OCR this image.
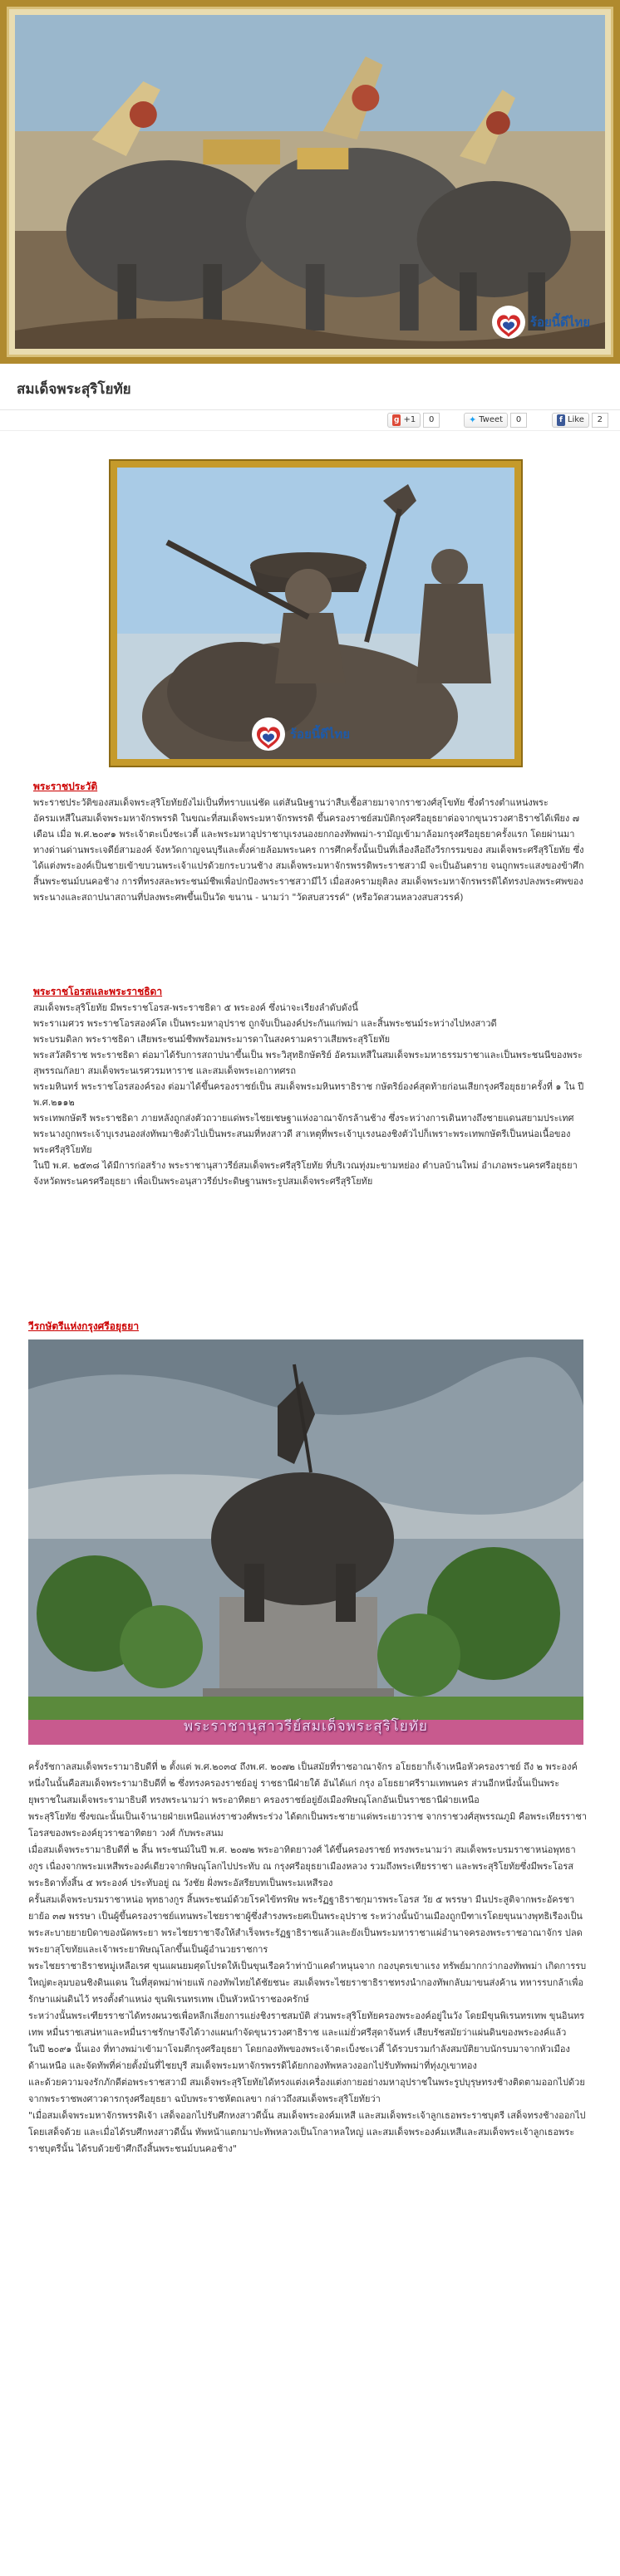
ร้อยนี้ดีไทย
สมเด็จพระสุริโยทัย
g +1	0	✦ Tweet	0	f Like	2
ร้อยนี้ดีไทย
พระราชประวัติ

พระราชประวัติของสมเด็จพระสุริโยทัยยังไม่เป็นที่ทราบแน่ชัด แต่สันนิษฐานว่าสืบเชื้อสายมาจากราชวงศ์สุโขทัย ซึ่งดำรงตำแหน่งพระอัครมเหสีในสมเด็จพระมหาจักรพรรดิ ในขณะที่สมเด็จพระมหาจักรพรรดิ ขึ้นครองราชย์สมบัติกรุงศรีอยุธยาต่อจากขุนวรวงศาธิราชได้เพียง ๗ เดือน เมื่อ พ.ศ.๒๐๙๑ พระเจ้าตะเบ็งชะเวตี้ และพระมหาอุปราชาบุเรงนองยกกองทัพพม่า-รามัญเข้ามาล้อมกรุงศรีอยุธยาครั้งแรก โดยผ่านมาทางด่านด่านพระเจดีย์สามองค์ จังหวัดกาญจนบุรีและตั้งค่ายล้อมพระนคร การศึกครั้งนั้นเป็นที่เลื่องลือถึงวีรกรรมของ สมเด็จพระศรีสุริโยทัย ซึ่งได้แต่งพระองค์เป็นชายเข้าขบวนพระเจ้าแปรด้วยกระบวนช้าง สมเด็จพระมหาจักรพรรดิพระราชสวามี จะเป็นอันตราย จนถูกพระแสงของข้าศึกสิ้นพระชนม์บนคอช้าง การที่ทรงสละพระชนม์ชีพเพื่อปกป้องพระราชสวามีไว้ เมื่อสงครามยุติลง สมเด็จพระมหาจักรพรรดิได้ทรงปลงพระศพของพระนางและสถาปนาสถานที่ปลงพระศพขึ้นเป็นวัด ขนาน - นามว่า "วัดสบสวรรค์" (หรือวัดสวนหลวงสบสวรรค์)

พระราชโอรสและพระราชธิดา

สมเด็จพระสุริโยทัย มีพระราชโอรส-พระราชธิดา ๕ พระองค์ ซึ่งน่าจะเรียงลำดับดังนี้

พระราเมศวร พระราชโอรสองค์โต เป็นพระมหาอุปราช ถูกจับเป็นองค์ประกันแก่พม่า และสิ้นพระชนม์ระหว่างไปหงสาวดี

พระบรมดิลก พระราชธิดา เสียพระชนม์ชีพพร้อมพระมารดาในสงครามคราวเสียพระสุริโยทัย

พระสวัสดิราช พระราชธิดา ต่อมาได้รับการสถาปนาขึ้นเป็น พระวิสุทธิกษัตริย์ อัครมเหสีในสมเด็จพระมหาธรรมราชาและเป็นพระชนนีของพระสุพรรณกัลยา สมเด็จพระนเรศวรมหาราช และสมเด็จพระเอกาทศรถ

พระมหินทร์ พระราชโอรสองค์รอง ต่อมาได้ขึ้นครองราชย์เป็น สมเด็จพระมหินทราธิราช กษัตริย์องค์สุดท้ายก่อนเสียกรุงศรีอยุธยาครั้งที่ ๑ ใน ปี พ.ศ.๒๑๑๒

พระเทพกษัตรี พระราชธิดา ภายหลังถูกส่งตัวถวายแด่พระไชยเชษฐาแห่งอาณาจักรล้านช้าง ซึ่งระหว่างการเดินทางถึงชายแดนสยามประเทศพระนางถูกพระเจ้าบุเรงนองส่งทัพมาชิงตัวไปเป็นพระสนมที่หงสาวดี สาเหตุที่พระเจ้าบุเรงนองชิงตัวไปก็เพราะพระเทพกษัตรีเป็นหน่อเนื้อของพระศรีสุริโยทัย

ในปี พ.ศ. ๒๕๓๘ ได้มีการก่อสร้าง พระราชานุสาวรีย์สมเด็จพระศรีสุริโยทัย ที่บริเวณทุ่งมะขามหย่อง ตำบลบ้านใหม่ อำเภอพระนครศรีอยุธยา จังหวัดพระนครศรีอยุธยา เพื่อเป็นพระอนุสาวรีย์ประดิษฐานพระรูปสมเด็จพระศรีสุริโยทัย

วีรกษัตรีแห่งกรุงศรีอยุธยา
พระราชานุสาวรีย์สมเด็จพระสุริโยทัย

ครั้งรัชกาลสมเด็จพระรามาธิบดีที่ ๒ ตั้งแต่ พ.ศ.๒๐๓๔ ถึงพ.ศ. ๒๐๗๒ เป็นสมัยที่ราชอาณาจักร อโยธยาก็เจ้าเหนือหัวครองราชย์ ถึง ๒ พระองค์ หนึ่งในนั้นคือสมเด็จพระรามาธิบดีที่ ๒ ซึ่งทรงครองราชย์อยู่ ราชธานีฝ่ายใต้ อันได้แก่ กรุง อโยธยาศรีรามเทพนคร ส่วนอีกหนึ่งนั้นเป็นพระยุพราชในสมเด็จพระรามาธิบดี ทรงพระนามว่า พระอาทิตยา ครองราชย์อยู่ยังเมืองพิษณุโลกอันเป็นราชธานีฝ่ายเหนือ

พระสุริโยทัย ซึ่งขณะนั้นเป็นเจ้านายฝ่ายเหนือแห่งราชวงศ์พระร่วง ได้ตกเป็นพระชายาแด่พระเยาวราช จากราชวงศ์สุพรรณภูมิ คือพระเทียรราชา โอรสของพระองค์ยุวราชอาทิตยา วงศ์ กับพระสนม

เมื่อสมเด็จพระรามาธิบดีที่ ๒ สิ้น พระชนม์ในปี พ.ศ. ๒๐๗๒ พระอาทิตยาวงศ์ ได้ขึ้นครองราชย์ ทรงพระนามว่า สมเด็จพระบรมราชาหน่อพุทธางกูร เนื่องจากพระมเหสีพระองค์เดียวจากพิษณุโลกไปประทับ ณ กรุงศรีอยุธยาเมืองหลวง รวมถึงพระเทียรราชา และพระสุริโยทัยซึ่งมีพระโอรส พระธิดาทั้งสิ้น ๕ พระองค์ ประทับอยู่ ณ วังชัย ฝั่งพระอัสรียบทเป็นพระมเหสีรอง

ครั้นสมเด็จพระบรมราชาหน่อ พุทธางกูร สิ้นพระชนม์ด้วยโรคไข้ทรพิษ พระรัฏฐาธิราชกุมารพระโอรส วัย ๕ พรรษา มีนประสูติจากพระอัครชายาย้อ ๓๗ พรรษา เป็นผู้ขึ้นครองราชย์แทนพระไชยราชาผู้ซึ่งสำรงพระยศเป็นพระอุปราช ระหว่างนั้นบ้านเมืองถูกบีฑาเรโดยขุนนางพุทธิเรืองเป็นพระสะบายยายบิดาของนัดพระยา พระไชยราชาจึงให้สำเร็จพระรัฏฐาธิราชแล้วและยังเป็นพระมหาราชาแผ่อำนาจครองพระราชอาณาจักร ปลดพระยาสุโขทัยและเจ้าพระยาพิษณุโลกขึ้นเป็นผู้อำนวยราชการ

พระไชยราชาธิราชหมู่เหลือเรศ ขุนแผนยมศุดโปรดให้เป็นขุนเรือคว้าท่าบ้าแคดำหนุนจาก กองบุตรเขาแรง ทรัพย์มากกว่ากองทัพพม่า เกิดการรบใหญ่ตะลุมบอนชิงดินแดน ในที่สุดพม่าพ่ายแพ้ กองทัพไทยได้ชัยชนะ สมเด็จพระไชยราชาธิราชทรงนำกองทัพกลับมาขนส่งค้าน ทหารรบกล้าเพื่อรักษาแผ่นดินไว้ ทรงตั้งตำแหน่ง ขุนพิเรนทรเทพ เป็นหัวหน้าราชองครักษ์

ระหว่างนั้นพระเฑียรราชาได้ทรงผนวชเพื่อหลีกเลี่ยงการแย่งชิงราชสมบัติ ส่วนพระสุริโยทัยครองพระองค์อยู่ในวัง โดยมีขุนพิเรนทรเทพ ขุนอินทรเทพ หมื่นราชเสน่หาและหมื่นราชรักษาจึงได้วางแผนกำจัดขุนวรวงศาธิราช และแม่ยั่วศรีสุดาจันทร์ เสียบรัชสมัยว่าแผ่นดินของพระองค์แล้ว

ในปี ๒๐๙๑ นั้นเอง ที่ทางพม่าเข้ามาโจมตีกรุงศรีอยุธยา โดยกองทัพของพระเจ้าตะเบ็งชะเวตี้ ได้รวบรวมกำลังสมบัติยาบนักรบมาจากหัวเมืองด้านเหนือ และจัดทัพที่ค่ายตั้งมั่นที่ไชยบุรี สมเด็จพระมหาจักรพรรดิได้ยกกองทัพหลวงออกไปรับทัพพม่าที่ทุ่งภูเขาทอง

และด้วยความจงรักภักดีต่อพระราชสวามี สมเด็จพระสุริโยทัยได้ทรงแต่งเครื่องแต่งกายอย่างมหาอุปราชในพระรูปบุรุษทรงช้างติดตามออกไปด้วย

จากพระราชพงศาวดารกรุงศรีอยุธยา ฉบับพระราชหัตถเลขา กล่าวถึงสมเด็จพระสุริโยทัยว่า

"เมื่อสมเด็จพระมหาจักรพรรดิเจ้า เสด็จออกไปรับศึกหงสาวดีนั้น สมเด็จพระองค์มเหสี และสมเด็จพระเจ้าลูกเธอพระราชบุตรี เสด็จทรงช้างออกไปโดยเสด็จด้วย และเมื่อได้รบศึกหงสาวดีนั้น ทัพหน้าแตกมาปะทัพหลวงเป็นโกลาหลใหญ่ และสมเด็จพระองค์มเหสีและสมเด็จพระเจ้าลูกเธอพระราชบุตรีนั้น ได้รบด้วยข้าศึกถึงสิ้นพระชนม์บนคอช้าง"
